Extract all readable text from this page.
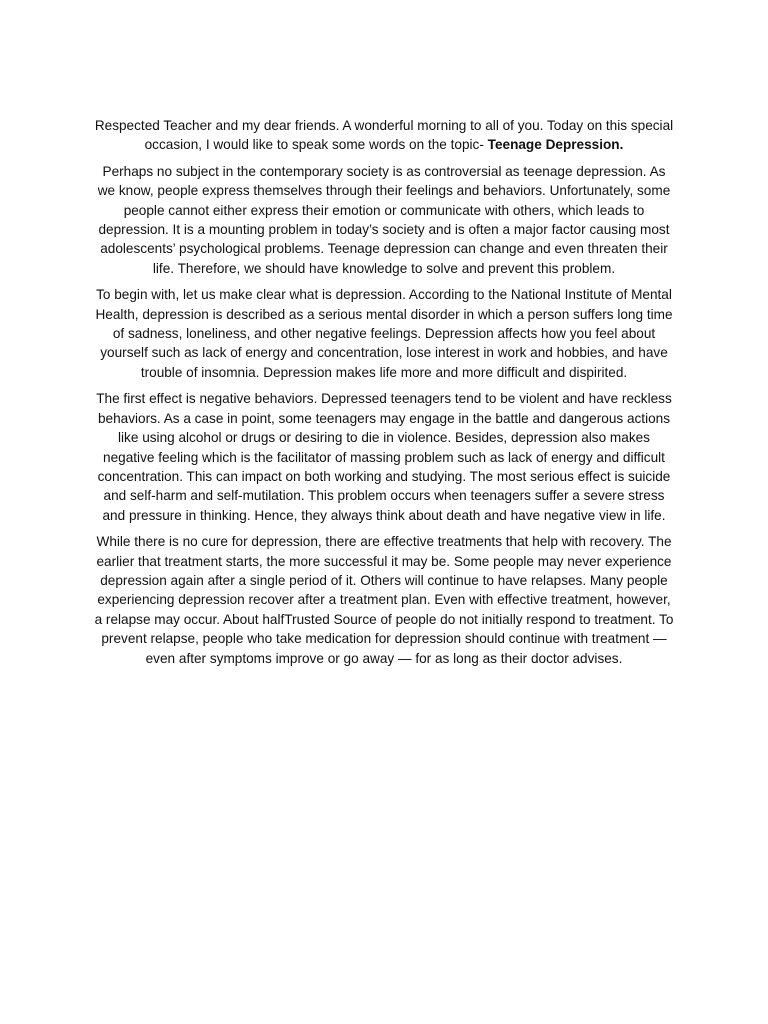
Respected Teacher and my dear friends. A wonderful morning to all of you. Today on this special occasion, I would like to speak some words on the topic- Teenage Depression.

Perhaps no subject in the contemporary society is as controversial as teenage depression. As we know, people express themselves through their feelings and behaviors. Unfortunately, some people cannot either express their emotion or communicate with others, which leads to depression. It is a mounting problem in today’s society and is often a major factor causing most adolescents’ psychological problems. Teenage depression can change and even threaten their life. Therefore, we should have knowledge to solve and prevent this problem.

To begin with, let us make clear what is depression. According to the National Institute of Mental Health, depression is described as a serious mental disorder in which a person suffers long time of sadness, loneliness, and other negative feelings. Depression affects how you feel about yourself such as lack of energy and concentration, lose interest in work and hobbies, and have trouble of insomnia. Depression makes life more and more difficult and dispirited.

The first effect is negative behaviors. Depressed teenagers tend to be violent and have reckless behaviors. As a case in point, some teenagers may engage in the battle and dangerous actions like using alcohol or drugs or desiring to die in violence. Besides, depression also makes negative feeling which is the facilitator of massing problem such as lack of energy and difficult concentration. This can impact on both working and studying. The most serious effect is suicide and self-harm and self-mutilation. This problem occurs when teenagers suffer a severe stress and pressure in thinking. Hence, they always think about death and have negative view in life.

While there is no cure for depression, there are effective treatments that help with recovery. The earlier that treatment starts, the more successful it may be. Some people may never experience depression again after a single period of it. Others will continue to have relapses. Many people experiencing depression recover after a treatment plan. Even with effective treatment, however, a relapse may occur. About halfTrusted Source of people do not initially respond to treatment. To prevent relapse, people who take medication for depression should continue with treatment — even after symptoms improve or go away — for as long as their doctor advises.
